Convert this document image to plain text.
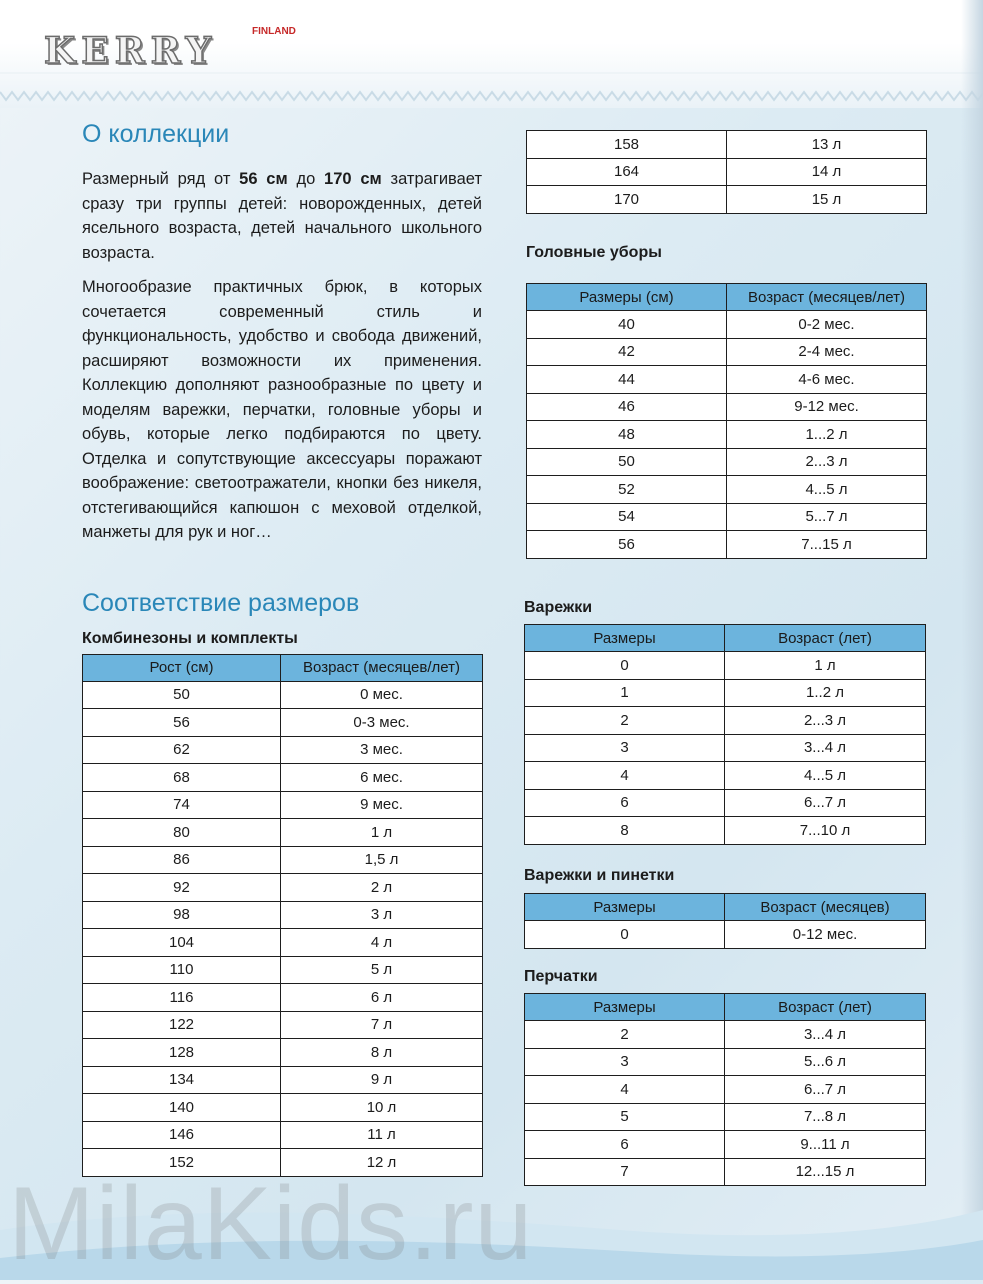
KERRY	FINLAND
О коллекции

Размерный ряд от 56 см до 170 см затрагивает сразу три группы детей: новорожденных, детей ясельного возраста, детей начального школьного возраста.

Многообразие практичных брюк, в которых сочетается современный стиль и функциональность, удобство и свобода движений, расширяют возможности их применения. Коллекцию дополняют разнообразные по цвету и моделям варежки, перчатки, головные уборы и обувь, которые легко подбираются по цвету. Отделка и сопутствующие аксессуары поражают воображение: светоотражатели, кнопки без никеля, отстегивающийся капюшон с меховой отделкой, манжеты для рук и ног…

Соответствие размеров

Комбинезоны и комплекты

Рост (см)	Возраст (месяцев/лет)
50	0 мес.
56	0-3 мес.
62	3 мес.
68	6 мес.
74	9 мес.
80	1 л
86	1,5 л
92	2 л
98	3 л
104	4 л
110	5 л
116	6 л
122	7 л
128	8 л
134	9 л
140	10 л
146	11 л
152	12 л
158	13 л
164	14 л
170	15 л

Головные уборы

Размеры (см)	Возраст (месяцев/лет)
40	0-2 мес.
42	2-4 мес.
44	4-6 мес.
46	9-12 мес.
48	1...2 л
50	2...3 л
52	4...5 л
54	5...7 л
56	7...15 л

Варежки

Размеры	Возраст (лет)
0	1 л
1	1..2 л
2	2...3 л
3	3...4 л
4	4...5 л
6	6...7 л
8	7...10 л

Варежки и пинетки

Размеры	Возраст (месяцев)
0	0-12 мес.

Перчатки

Размеры	Возраст (лет)
2	3...4 л
3	5...6 л
4	6...7 л
5	7...8 л
6	9...11 л
7	12...15 л
MilaKids.ru
